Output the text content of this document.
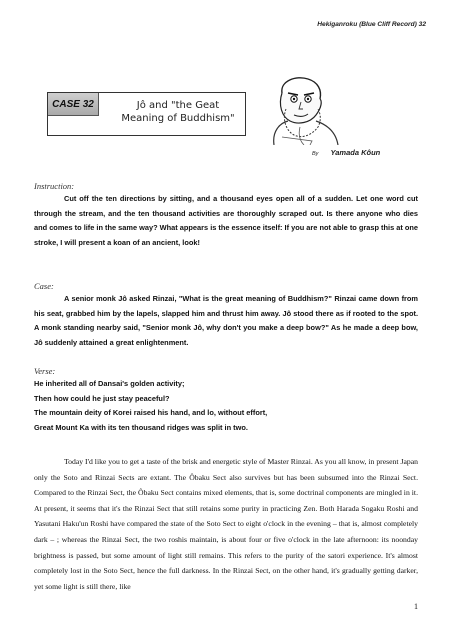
Hekiganroku (Blue Cliff Record) 32
CASE 32	Jô and "the Geat Meaning of Buddhism"
By Yamada Kôun
Instruction:
Cut off the ten directions by sitting, and a thousand eyes open all of a sudden. Let one word cut through the stream, and the ten thousand activities are thoroughly scraped out. Is there anyone who dies and comes to life in the same way? What appears is the essence itself: If you are not able to grasp this at one stroke, I will present a koan of an ancient, look!
Case:
A senior monk Jô asked Rinzai, "What is the great meaning of Buddhism?" Rinzai came down from his seat, grabbed him by the lapels, slapped him and thrust him away. Jô stood there as if rooted to the spot. A monk standing nearby said, "Senior monk Jô, why don't you make a deep bow?" As he made a deep bow, Jô suddenly attained a great enlightenment.
Verse:
He inherited all of Dansai's golden activity;
Then how could he just stay peaceful?
The mountain deity of Korei raised his hand, and lo, without effort,
Great Mount Ka with its ten thousand ridges was split in two.
Today I'd like you to get a taste of the brisk and energetic style of Master Rinzai. As you all know, in present Japan only the Soto and Rinzai Sects are extant. The Ôbaku Sect also survives but has been subsumed into the Rinzai Sect. Compared to the Rinzai Sect, the Ôbaku Sect contains mixed elements, that is, some doctrinal components are mingled in it. At present, it seems that it's the Rinzai Sect that still retains some purity in practicing Zen. Both Harada Sogaku Roshi and Yasutani Haku'un Roshi have compared the state of the Soto Sect to eight o'clock in the evening – that is, almost completely dark – ; whereas the Rinzai Sect, the two roshis maintain, is about four or five o'clock in the late afternoon: its noonday brightness is passed, but some amount of light still remains. This refers to the purity of the satori experience. It's almost completely lost in the Soto Sect, hence the full darkness. In the Rinzai Sect, on the other hand, it's gradually getting darker, yet some light is still there, like
1
